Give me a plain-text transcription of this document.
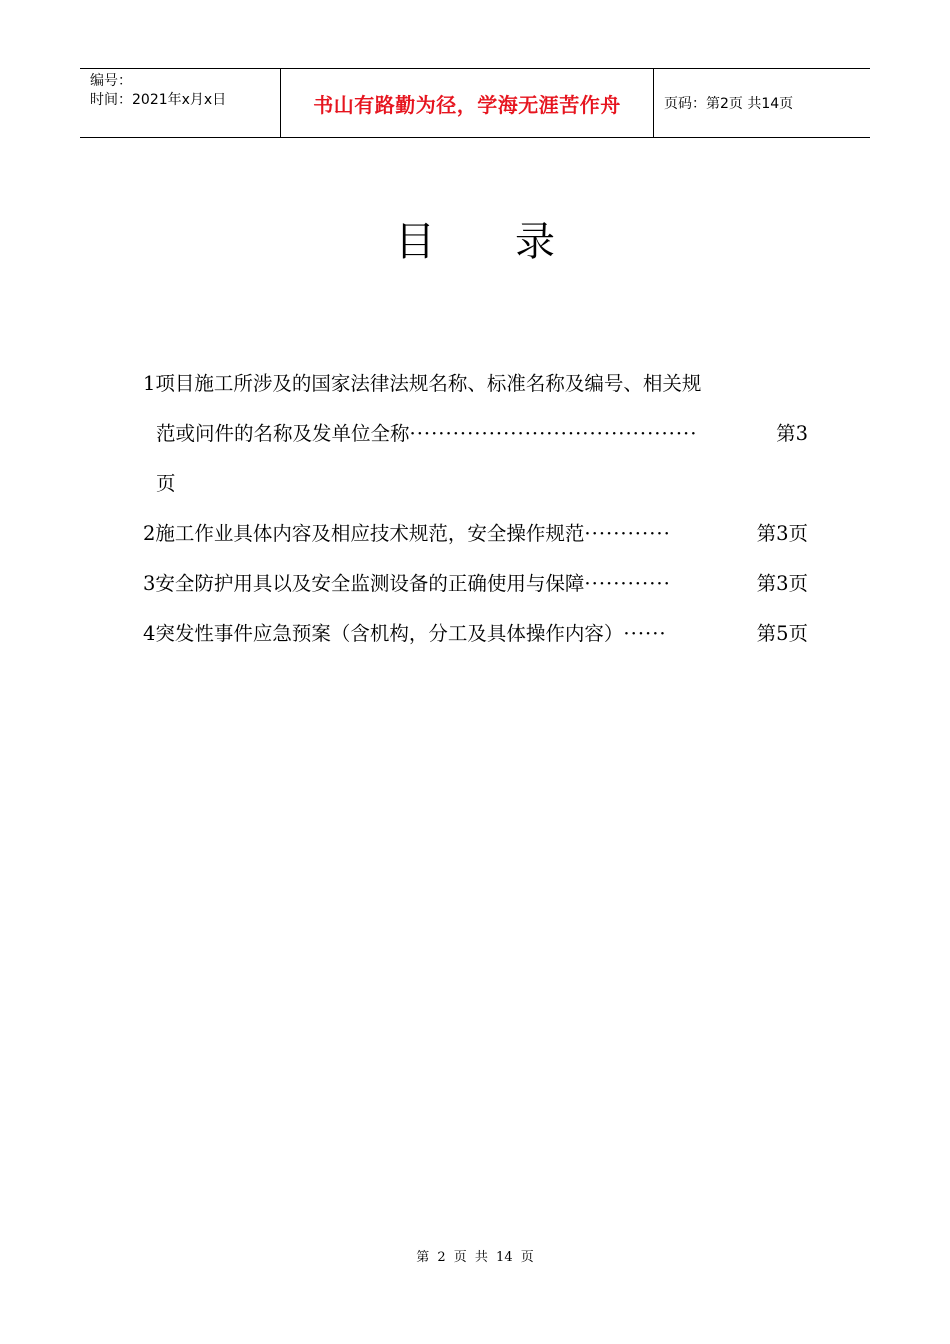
编号：
时间：2021年x月x日	书山有路勤为径，学海无涯苦作舟	页码：第2页 共14页
目录
1项目施工所涉及的国家法律法规名称、标准名称及编号、相关规
范或问件的名称及发单位全称 ········································	第3
页
2施工作业具体内容及相应技术规范，安全操作规范 ············	第3页
3安全防护用具以及安全监测设备的正确使用与保障 ············	第3页
4突发性事件应急预案（含机构，分工及具体操作内容） ······	第5页
第 2 页 共 14 页
